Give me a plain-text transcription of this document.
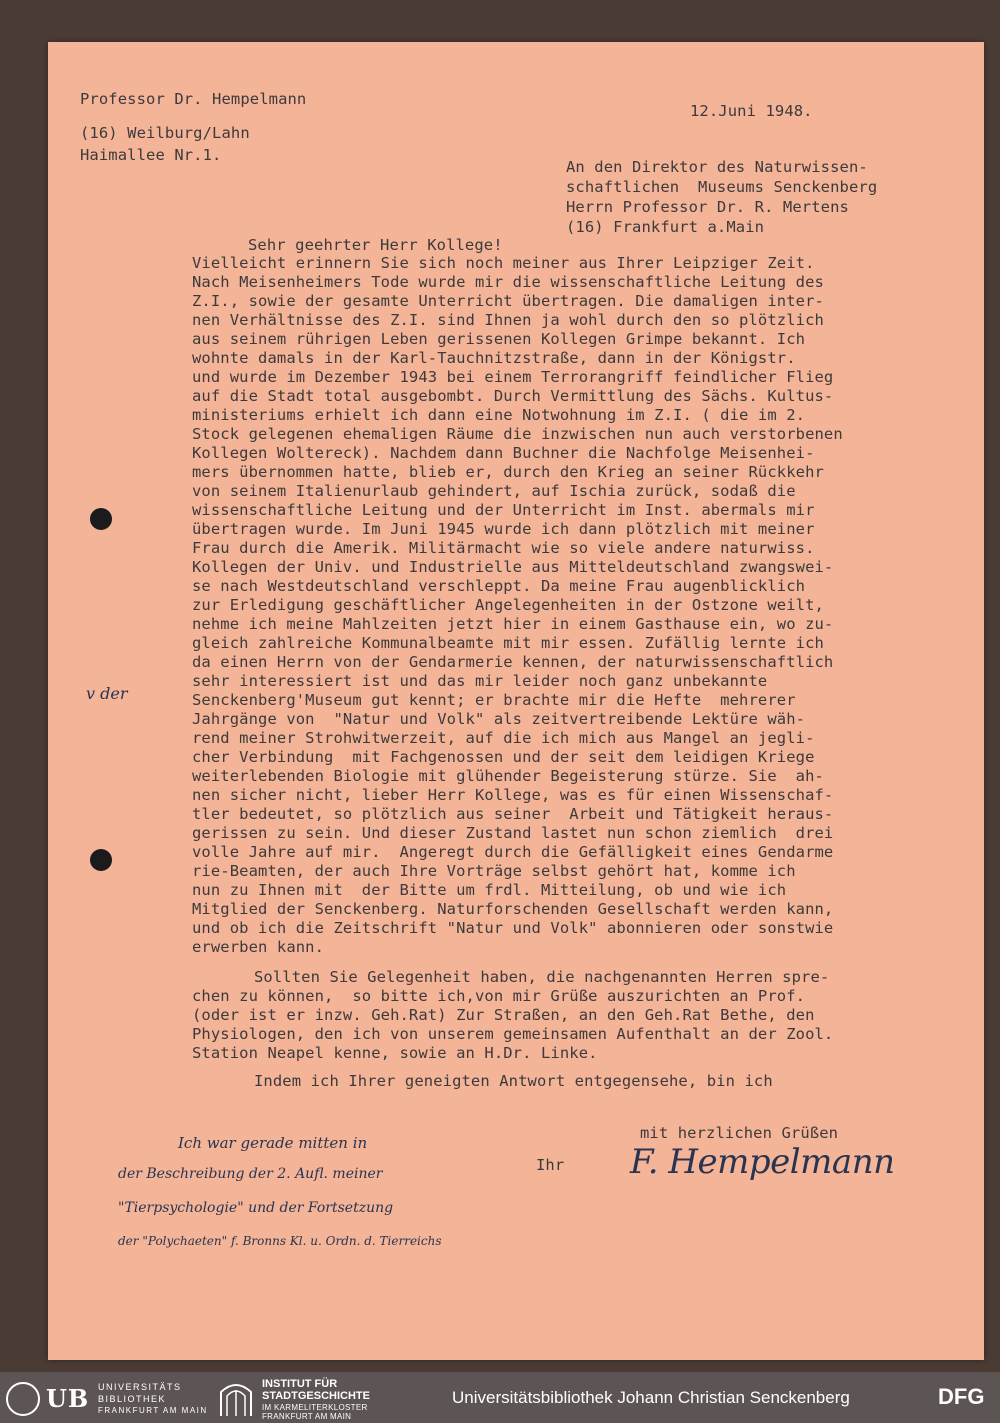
Professor Dr. Hempelmann
(16) Weilburg/Lahn
Haimallee Nr.1.
12.Juni 1948.
An den Direktor des Naturwissen-
schaftlichen  Museums Senckenberg
Herrn Professor Dr. R. Mertens
(16) Frankfurt a.Main
Sehr geehrter Herr Kollege!
Vielleicht erinnern Sie sich noch meiner aus Ihrer Leipziger Zeit.
Nach Meisenheimers Tode wurde mir die wissenschaftliche Leitung des
Z.I., sowie der gesamte Unterricht übertragen. Die damaligen inter-
nen Verhältnisse des Z.I. sind Ihnen ja wohl durch den so plötzlich
aus seinem rührigen Leben gerissenen Kollegen Grimpe bekannt. Ich
wohnte damals in der Karl-Tauchnitzstraße, dann in der Königstr.
und wurde im Dezember 1943 bei einem Terrorangriff feindlicher Flieg
auf die Stadt total ausgebombt. Durch Vermittlung des Sächs. Kultus-
ministeriums erhielt ich dann eine Notwohnung im Z.I. ( die im 2.
Stock gelegenen ehemaligen Räume die inzwischen nun auch verstorbenen
Kollegen Woltereck). Nachdem dann Buchner die Nachfolge Meisenhei-
mers übernommen hatte, blieb er, durch den Krieg an seiner Rückkehr
von seinem Italienurlaub gehindert, auf Ischia zurück, sodaß die
wissenschaftliche Leitung und der Unterricht im Inst. abermals mir
übertragen wurde. Im Juni 1945 wurde ich dann plötzlich mit meiner
Frau durch die Amerik. Militärmacht wie so viele andere naturwiss.
Kollegen der Univ. und Industrielle aus Mitteldeutschland zwangswei-
se nach Westdeutschland verschleppt. Da meine Frau augenblicklich
zur Erledigung geschäftlicher Angelegenheiten in der Ostzone weilt,
nehme ich meine Mahlzeiten jetzt hier in einem Gasthause ein, wo zu-
gleich zahlreiche Kommunalbeamte mit mir essen. Zufällig lernte ich
da einen Herrn von der Gendarmerie kennen, der naturwissenschaftlich
sehr interessiert ist und das mir leider noch ganz unbekannte
Senckenberg'Museum gut kennt; er brachte mir die Hefte  mehrerer
Jahrgänge von  "Natur und Volk" als zeitvertreibende Lektüre wäh-
rend meiner Strohwitwerzeit, auf die ich mich aus Mangel an jegli-
cher Verbindung  mit Fachgenossen und der seit dem leidigen Kriege
weiterlebenden Biologie mit glühender Begeisterung stürze. Sie  ah-
nen sicher nicht, lieber Herr Kollege, was es für einen Wissenschaf-
tler bedeutet, so plötzlich aus seiner  Arbeit und Tätigkeit heraus-
gerissen zu sein. Und dieser Zustand lastet nun schon ziemlich  drei
volle Jahre auf mir.  Angeregt durch die Gefälligkeit eines Gendarme
rie-Beamten, der auch Ihre Vorträge selbst gehört hat, komme ich
nun zu Ihnen mit  der Bitte um frdl. Mitteilung, ob und wie ich
Mitglied der Senckenberg. Naturforschenden Gesellschaft werden kann,
und ob ich die Zeitschrift "Natur und Volk" abonnieren oder sonstwie
erwerben kann.
v der
Sollten Sie Gelegenheit haben, die nachgenannten Herren spre-
chen zu können,  so bitte ich,von mir Grüße auszurichten an Prof.
(oder ist er inzw. Geh.Rat) Zur Straßen, an den Geh.Rat Bethe, den
Physiologen, den ich von unserem gemeinsamen Aufenthalt an der Zool.
Station Neapel kenne, sowie an H.Dr. Linke.
Indem ich Ihrer geneigten Antwort entgegensehe, bin ich
mit herzlichen Grüßen
Ihr F. Hempelmann
Ich war gerade mitten in
der Beschreibung der 2. Aufl. meiner
"Tierpsychologie" und der Fortsetzung
der "Polychaeten" f. Bronns Kl. u. Ordn. d. Tierreichs
UB UNIVERSITÄTS
BIBLIOTHEK
FRANKFURT AM MAIN
INSTITUT FÜR
STADTGESCHICHTE
IM KARMELITERKLOSTER
FRANKFURT AM MAIN
Universitätsbibliothek Johann Christian Senckenberg	DFG
